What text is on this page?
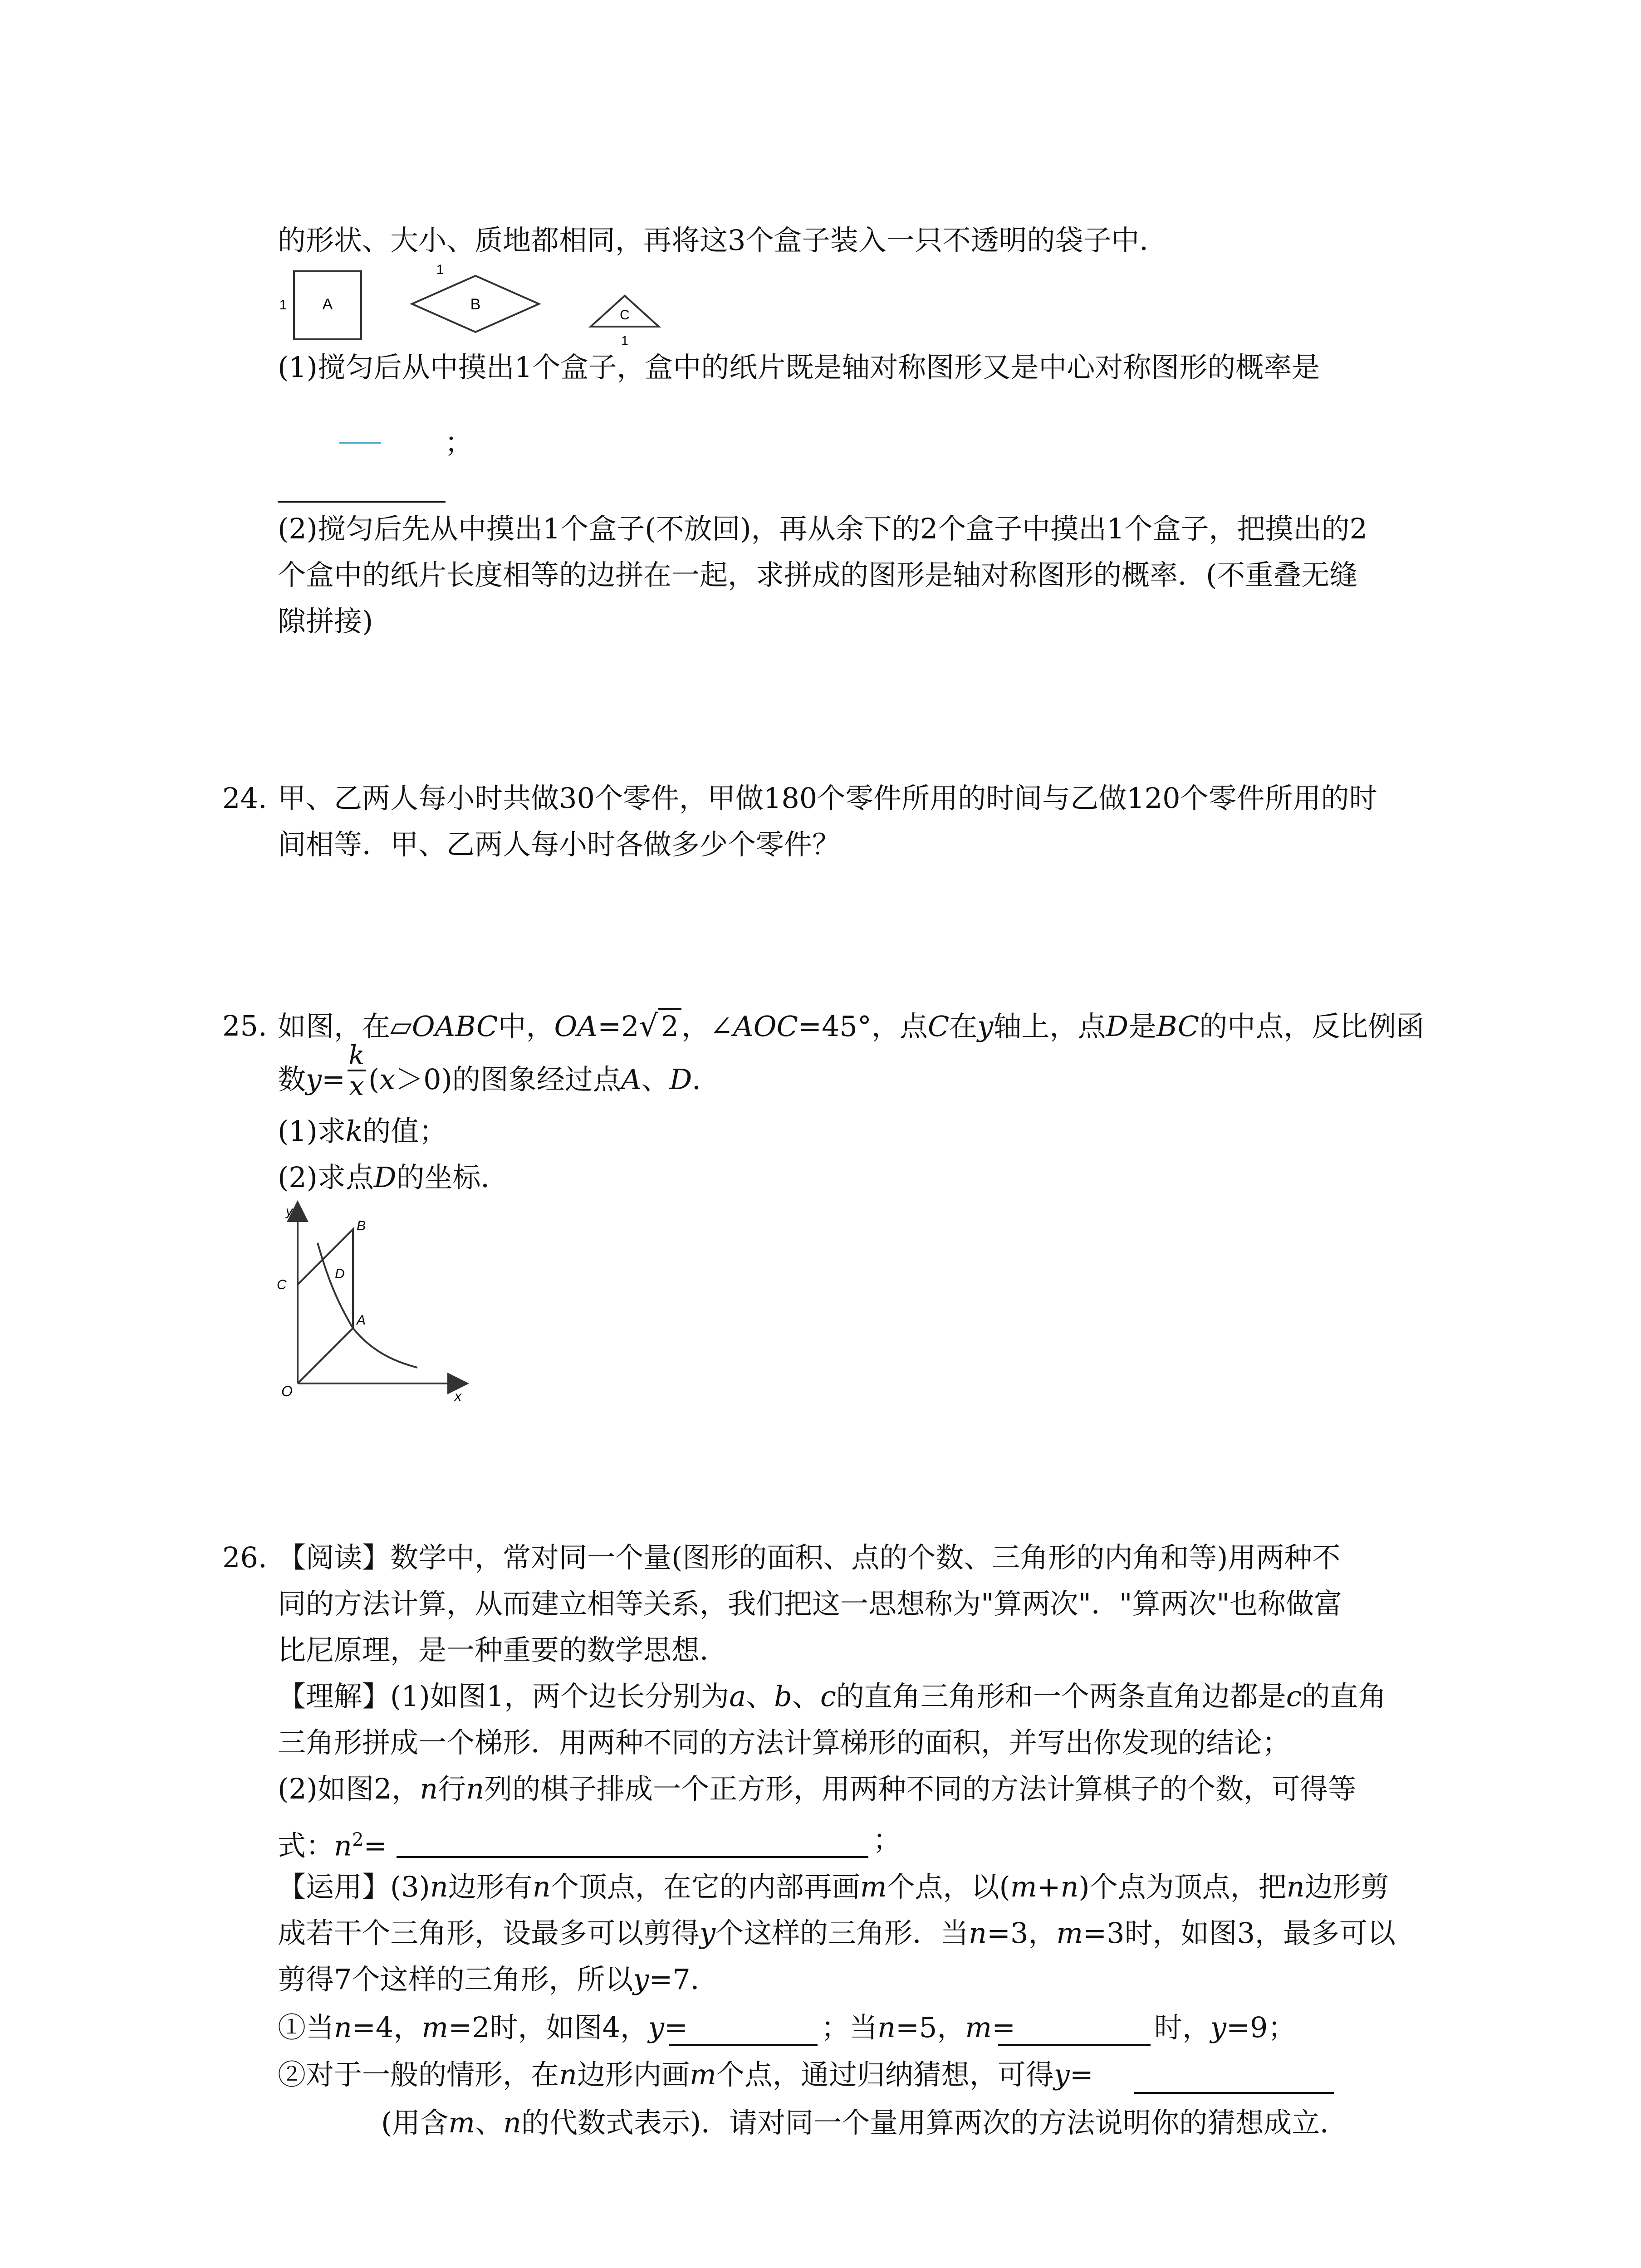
的形状、大小、质地都相同，再将这3个盒子装入一只不透明的袋子中．
A
1	B
1
C
1
(1)搅匀后从中摸出1个盒子，盒中的纸片既是轴对称图形又是中心对称图形的概率是
；
(2)搅匀后先从中摸出1个盒子(不放回)，再从余下的2个盒子中摸出1个盒子，把摸出的2
个盒中的纸片长度相等的边拼在一起，求拼成的图形是轴对称图形的概率．(不重叠无缝
隙拼接)
24. 甲、乙两人每小时共做30个零件，甲做180个零件所用的时间与乙做120个零件所用的时
间相等．甲、乙两人每小时各做多少个零件？
25. 如图，在▱OABC中，OA=2√2，∠AOC=45°，点C在y轴上，点D是BC的中点，反比例函
数y=
k
x (x＞0)的图象经过点A、D．
(1)求k的值；
(2)求点D的坐标．
y
x
O
B
D
C
A
26. 【阅读】数学中，常对同一个量(图形的面积、点的个数、三角形的内角和等)用两种不
同的方法计算，从而建立相等关系，我们把这一思想称为"算两次"．"算两次"也称做富
比尼原理，是一种重要的数学思想．
【理解】(1)如图1，两个边长分别为a、b、c的直角三角形和一个两条直角边都是c的直角
三角形拼成一个梯形．用两种不同的方法计算梯形的面积，并写出你发现的结论；
(2)如图2，n行n列的棋子排成一个正方形，用两种不同的方法计算棋子的个数，可得等
式：$n^2=$	；
【运用】(3)n边形有n个顶点，在它的内部再画m个点，以(m+n)个点为顶点，把n边形剪
成若干个三角形，设最多可以剪得y个这样的三角形．当n=3，m=3时，如图3，最多可以
剪得7个这样的三角形，所以y=7．
①当n=4，m=2时，如图4，y=	；当n=5，m=	时，y=9；
②对于一般的情形，在n边形内画m个点，通过归纳猜想，可得y=
(用含m、n的代数式表示)．请对同一个量用算两次的方法说明你的猜想成立．
